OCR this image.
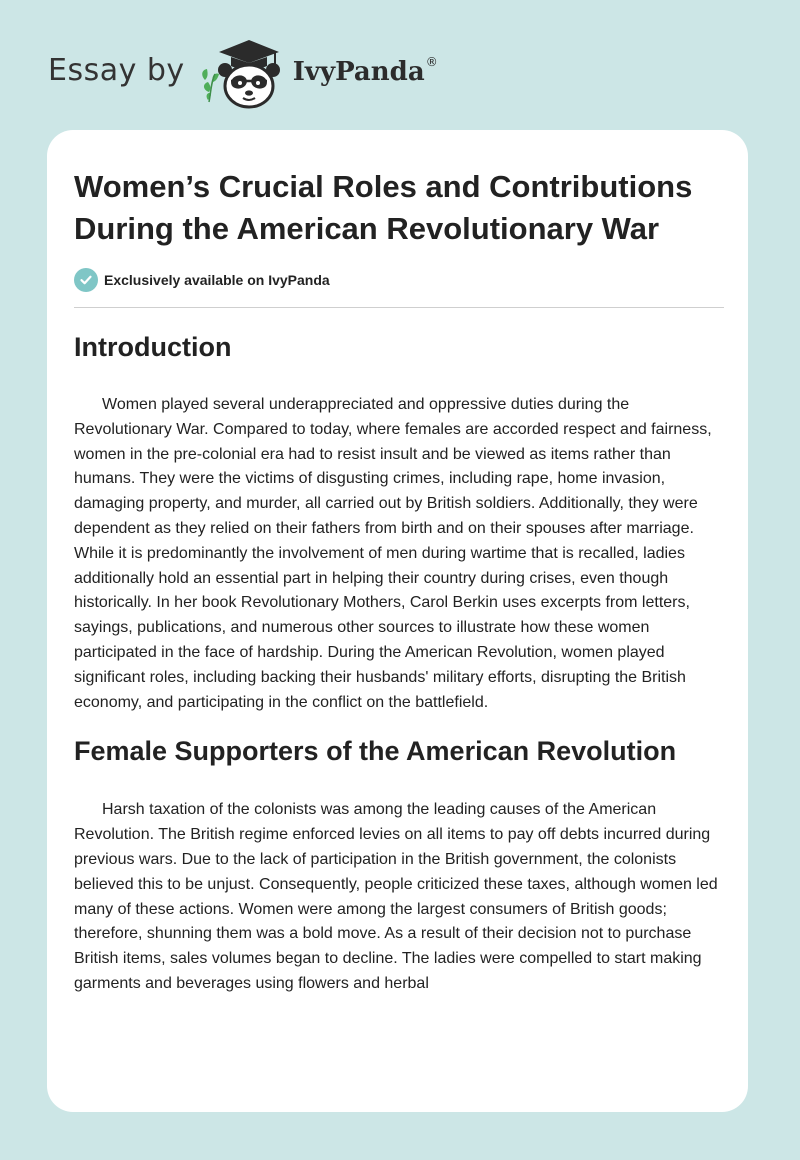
Essay by	IvyPanda ®
Women’s Crucial Roles and Contributions During the American Revolutionary War
Exclusively available on IvyPanda
Introduction

Women played several underappreciated and oppressive duties during the Revolutionary War. Compared to today, where females are accorded respect and fairness, women in the pre-colonial era had to resist insult and be viewed as items rather than humans. They were the victims of disgusting crimes, including rape, home invasion, damaging property, and murder, all carried out by British soldiers. Additionally, they were dependent as they relied on their fathers from birth and on their spouses after marriage. While it is predominantly the involvement of men during wartime that is recalled, ladies additionally hold an essential part in helping their country during crises, even though historically. In her book Revolutionary Mothers, Carol Berkin uses excerpts from letters, sayings, publications, and numerous other sources to illustrate how these women participated in the face of hardship. During the American Revolution, women played significant roles, including backing their husbands' military efforts, disrupting the British economy, and participating in the conflict on the battlefield.

Female Supporters of the American Revolution

Harsh taxation of the colonists was among the leading causes of the American Revolution. The British regime enforced levies on all items to pay off debts incurred during previous wars. Due to the lack of participation in the British government, the colonists believed this to be unjust. Consequently, people criticized these taxes, although women led many of these actions. Women were among the largest consumers of British goods; therefore, shunning them was a bold move. As a result of their decision not to purchase British items, sales volumes began to decline. The ladies were compelled to start making garments and beverages using flowers and herbal
